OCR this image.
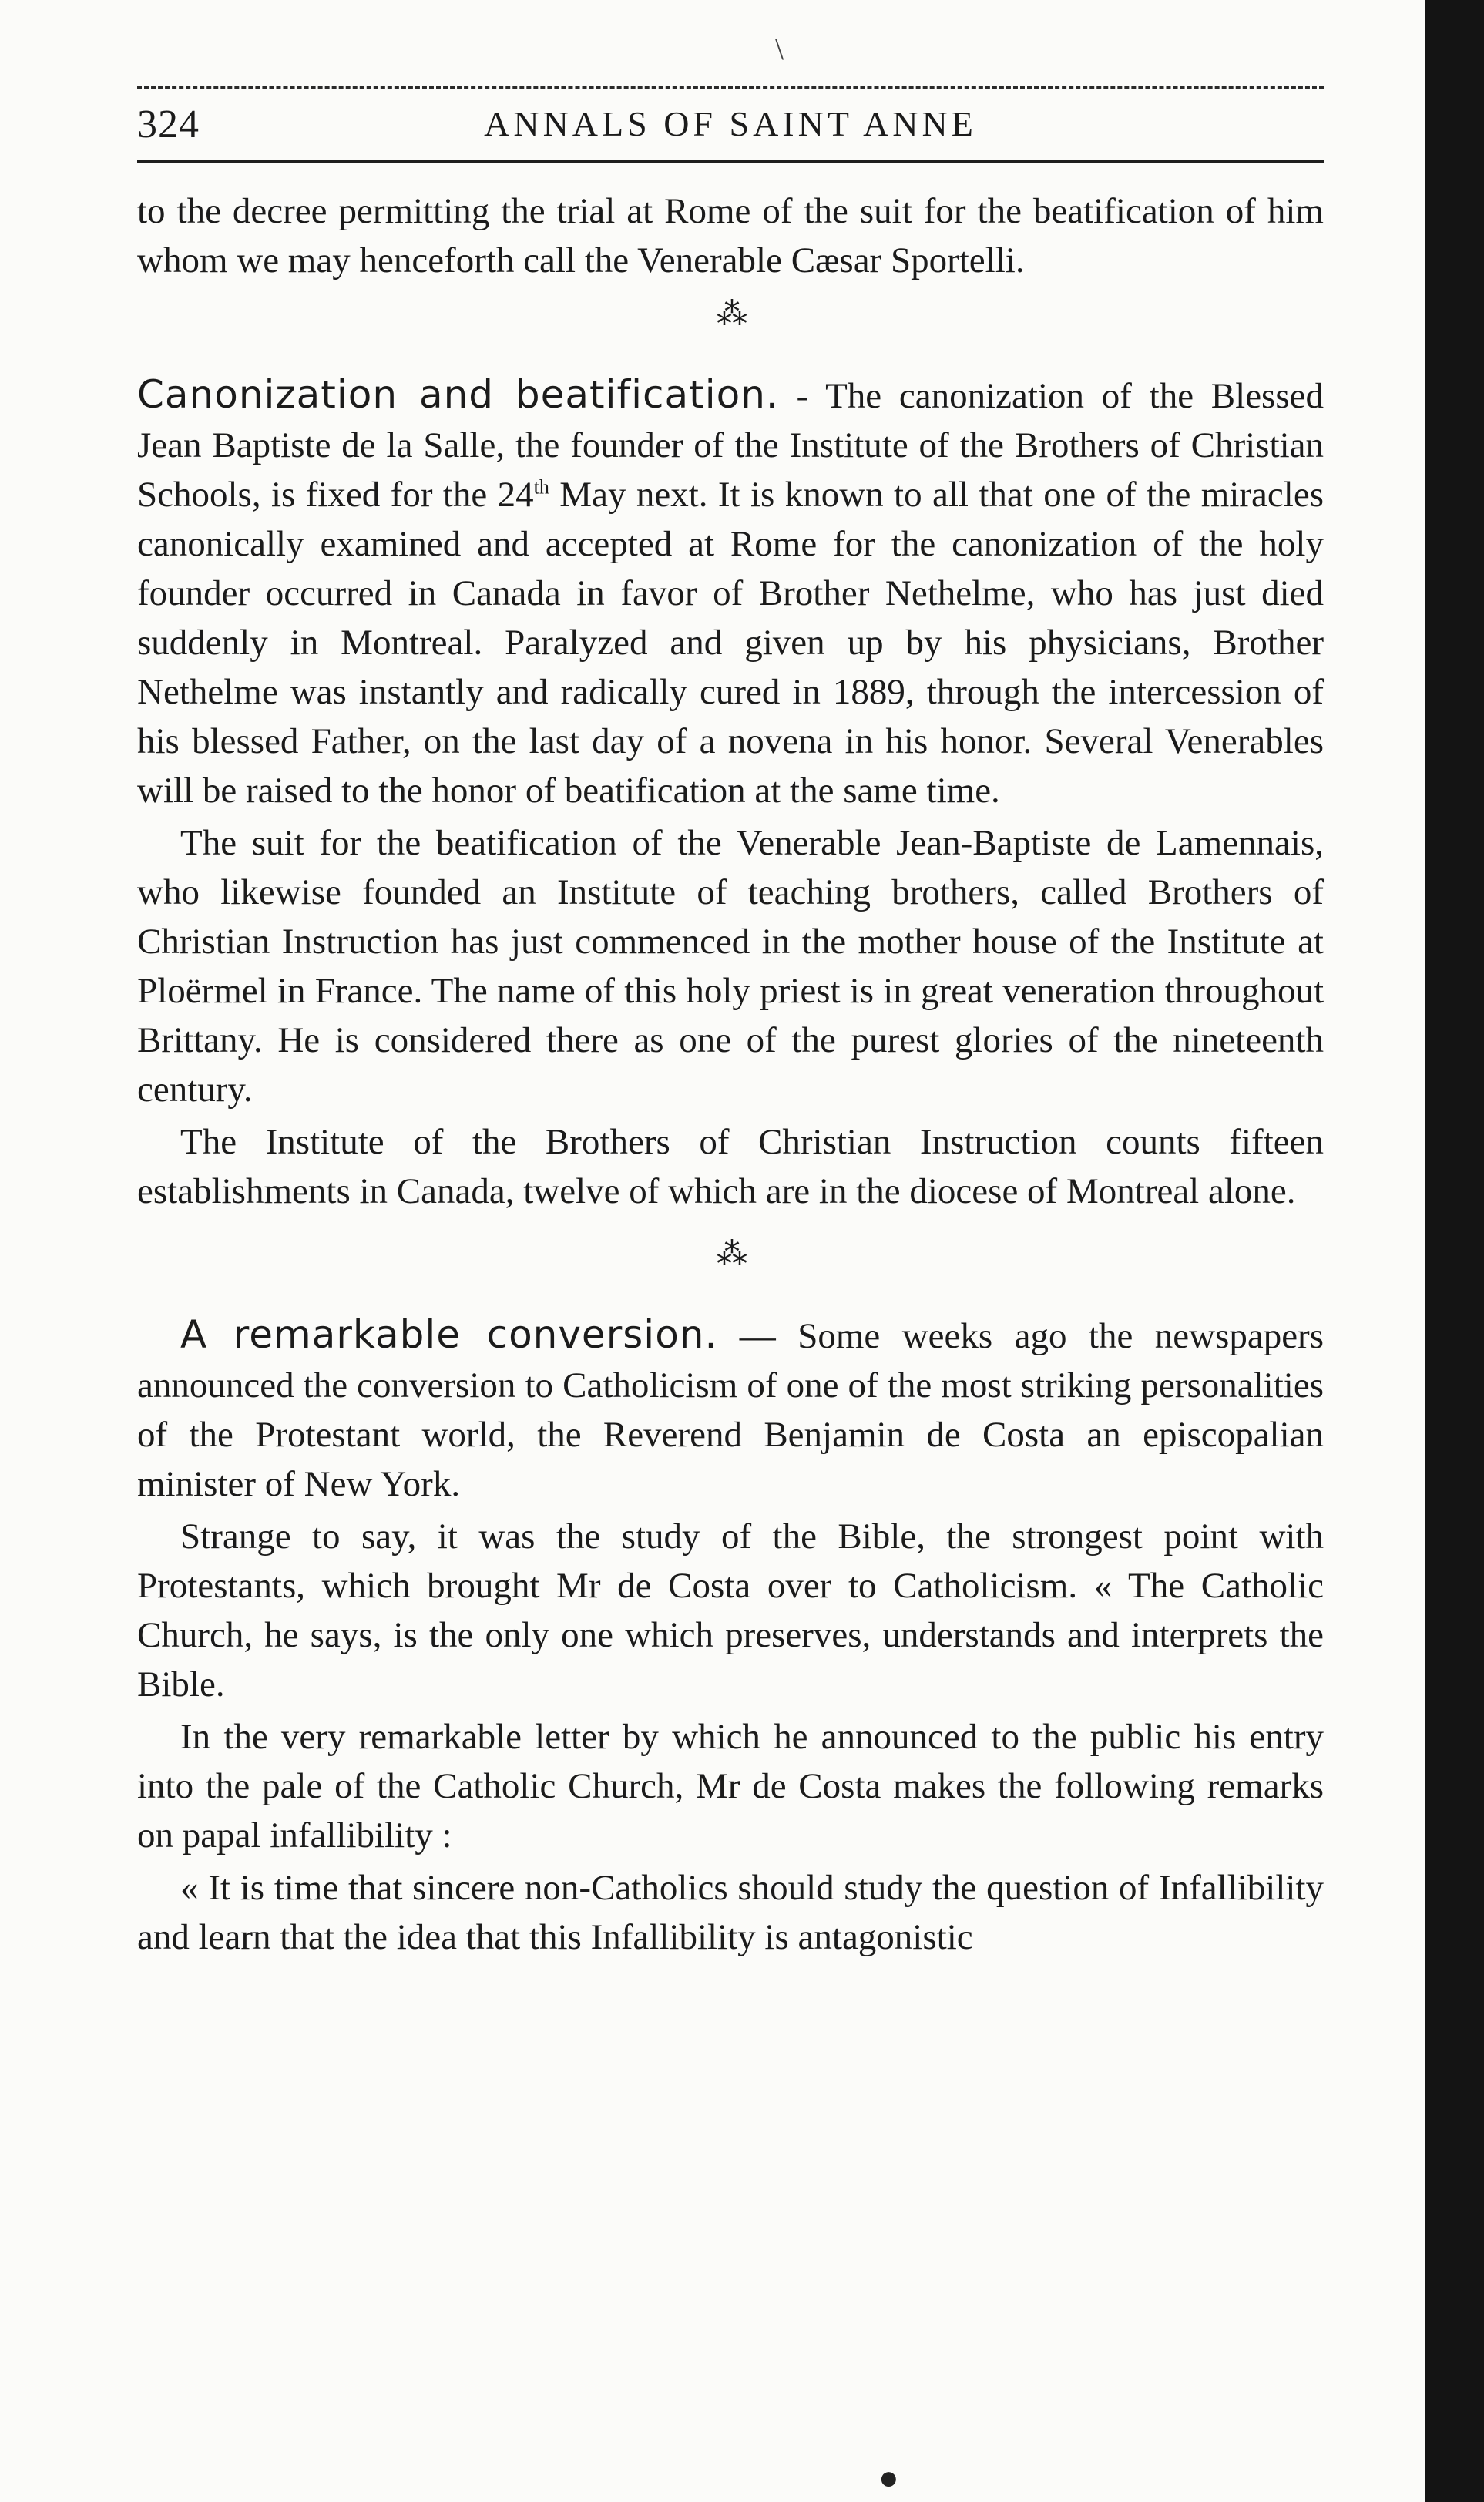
\
324	ANNALS OF SAINT ANNE

to the decree permitting the trial at Rome of the suit for the beatification of him whom we may henceforth call the Venerable Cæsar Sportelli.

⁂

Canonization and beatification. - The canonization of the Blessed Jean Baptiste de la Salle, the founder of the Institute of the Brothers of Christian Schools, is fixed for the 24th May next. It is known to all that one of the miracles canonically examined and accepted at Rome for the canonization of the holy founder occurred in Canada in favor of Brother Nethelme, who has just died suddenly in Montreal. Paralyzed and given up by his physicians, Brother Nethelme was instantly and radically cured in 1889, through the intercession of his blessed Father, on the last day of a novena in his honor. Several Venerables will be raised to the honor of beatification at the same time.

The suit for the beatification of the Venerable Jean-Baptiste de Lamennais, who likewise founded an Institute of teaching brothers, called Brothers of Christian Instruction has just commenced in the mother house of the Institute at Ploërmel in France. The name of this holy priest is in great veneration throughout Brittany. He is considered there as one of the purest glories of the nineteenth century.

The Institute of the Brothers of Christian Instruction counts fifteen establishments in Canada, twelve of which are in the diocese of Montreal alone.

⁂

A remarkable conversion. — Some weeks ago the newspapers announced the conversion to Catholicism of one of the most striking personalities of the Protestant world, the Reverend Benjamin de Costa an episcopalian minister of New York.

Strange to say, it was the study of the Bible, the strongest point with Protestants, which brought Mr de Costa over to Catholicism. « The Catholic Church, he says, is the only one which preserves, understands and interprets the Bible.

In the very remarkable letter by which he announced to the public his entry into the pale of the Catholic Church, Mr de Costa makes the following remarks on papal infallibility :

« It is time that sincere non-Catholics should study the question of Infallibility and learn that the idea that this Infallibility is antagonistic

●
